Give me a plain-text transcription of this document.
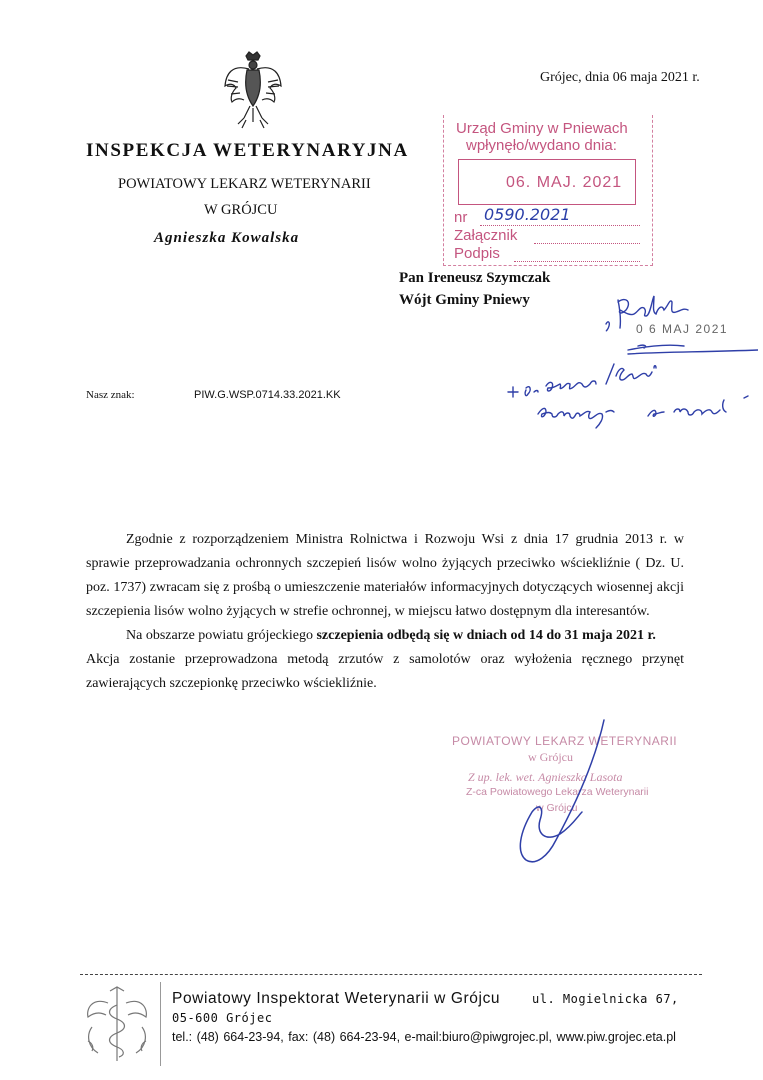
Grójec, dnia 06 maja 2021 r.
INSPEKCJA WETERYNARYJNA
POWIATOWY LEKARZ WETERYNARII
W GRÓJCU
Agnieszka Kowalska
Urząd Gminy w Pniewach
wpłynęło/wydano dnia:
06. MAJ. 2021
nr 0590.2021
Załącznik
Podpis
Pan Ireneusz Szymczak
Wójt Gminy Pniewy
0 6 MAJ 2021
Nasz znak:	PIW.G.WSP.0714.33.2021.KK

Zgodnie z rozporządzeniem Ministra Rolnictwa i Rozwoju Wsi z dnia 17 grudnia 2013 r. w sprawie przeprowadzania ochronnych szczepień lisów wolno żyjących przeciwko wściekliźnie ( Dz. U. poz. 1737) zwracam się z prośbą o umieszczenie materiałów informacyjnych dotyczących wiosennej akcji szczepienia lisów wolno żyjących w strefie ochronnej, w miejscu łatwo dostępnym dla interesantów.

Na obszarze powiatu grójeckiego szczepienia odbędą się w dniach od 14 do 31 maja 2021 r.

Akcja zostanie przeprowadzona metodą zrzutów z samolotów oraz wyłożenia ręcznego przynęt zawierających szczepionkę przeciwko wściekliźnie.

POWIATOWY LEKARZ WETERYNARII
w Grójcu
Z up. lek. wet. Agnieszka Lasota
Z-ca Powiatowego Lekarza Weterynarii
w Grójcu
Powiatowy Inspektorat Weterynarii w Grójcu	ul. Mogielnicka 67,
05-600 Grójec
tel.: (48) 664-23-94, fax: (48) 664-23-94, e-mail:biuro@piwgrojec.pl, www.piw.grojec.eta.pl
